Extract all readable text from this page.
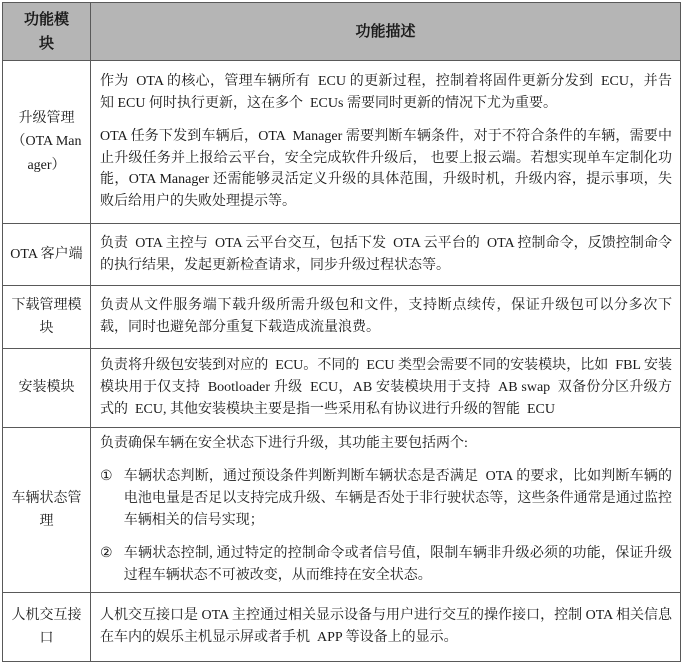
功能模块	功能描述
升级管理（OTA Manager）	作为  OTA 的核心，管理车辆所有  ECU 的更新过程，控制着将固件更新分发到  ECU，并告知 ECU 何时执行更新，这在多个  ECUs 需要同时更新的情况下尤为重要。
OTA 任务下发到车辆后，OTA  Manager 需要判断车辆条件，对于不符合条件的车辆，需要中止升级任务并上报给云平台，安全完成软件升级后， 也要上报云端。若想实现单车定制化功能，OTA Manager 还需能够灵活定义升级的具体范围，升级时机，升级内容，提示事项，失败后给用户的失败处理提示等。

OTA 客户端	负责  OTA 主控与  OTA 云平台交互，包括下发  OTA 云平台的  OTA 控制命令，反馈控制命令的执行结果，发起更新检查请求，同步升级过程状态等。

下载管理模块	负责从文件服务端下载升级所需升级包和文件，支持断点续传，保证升级包可以分多次下载，同时也避免部分重复下载造成流量浪费。

安装模块	负责将升级包安装到对应的  ECU。不同的  ECU 类型会需要不同的安装模块，比如  FBL 安装模块用于仅支持  Bootloader 升级  ECU，AB 安装模块用于支持  AB swap  双备份分区升级方式的  ECU, 其他安装模块主要是指一些采用私有协议进行升级的智能  ECU

车辆状态管理	负责确保车辆在安全状态下进行升级，其功能主要包括两个:
① 车辆状态判断，通过预设条件判断判断车辆状态是否满足  OTA 的要求，比如判断车辆的电池电量是否足以支持完成升级、车辆是否处于非行驶状态等，这些条件通常是通过监控车辆相关的信号实现；
② 车辆状态控制, 通过特定的控制命令或者信号值，限制车辆非升级必须的功能，保证升级过程车辆状态不可被改变，从而维持在安全状态。

人机交互接口	人机交互接口是 OTA 主控通过相关显示设备与用户进行交互的操作接口，控制 OTA 相关信息在车内的娱乐主机显示屏或者手机  APP 等设备上的显示。
